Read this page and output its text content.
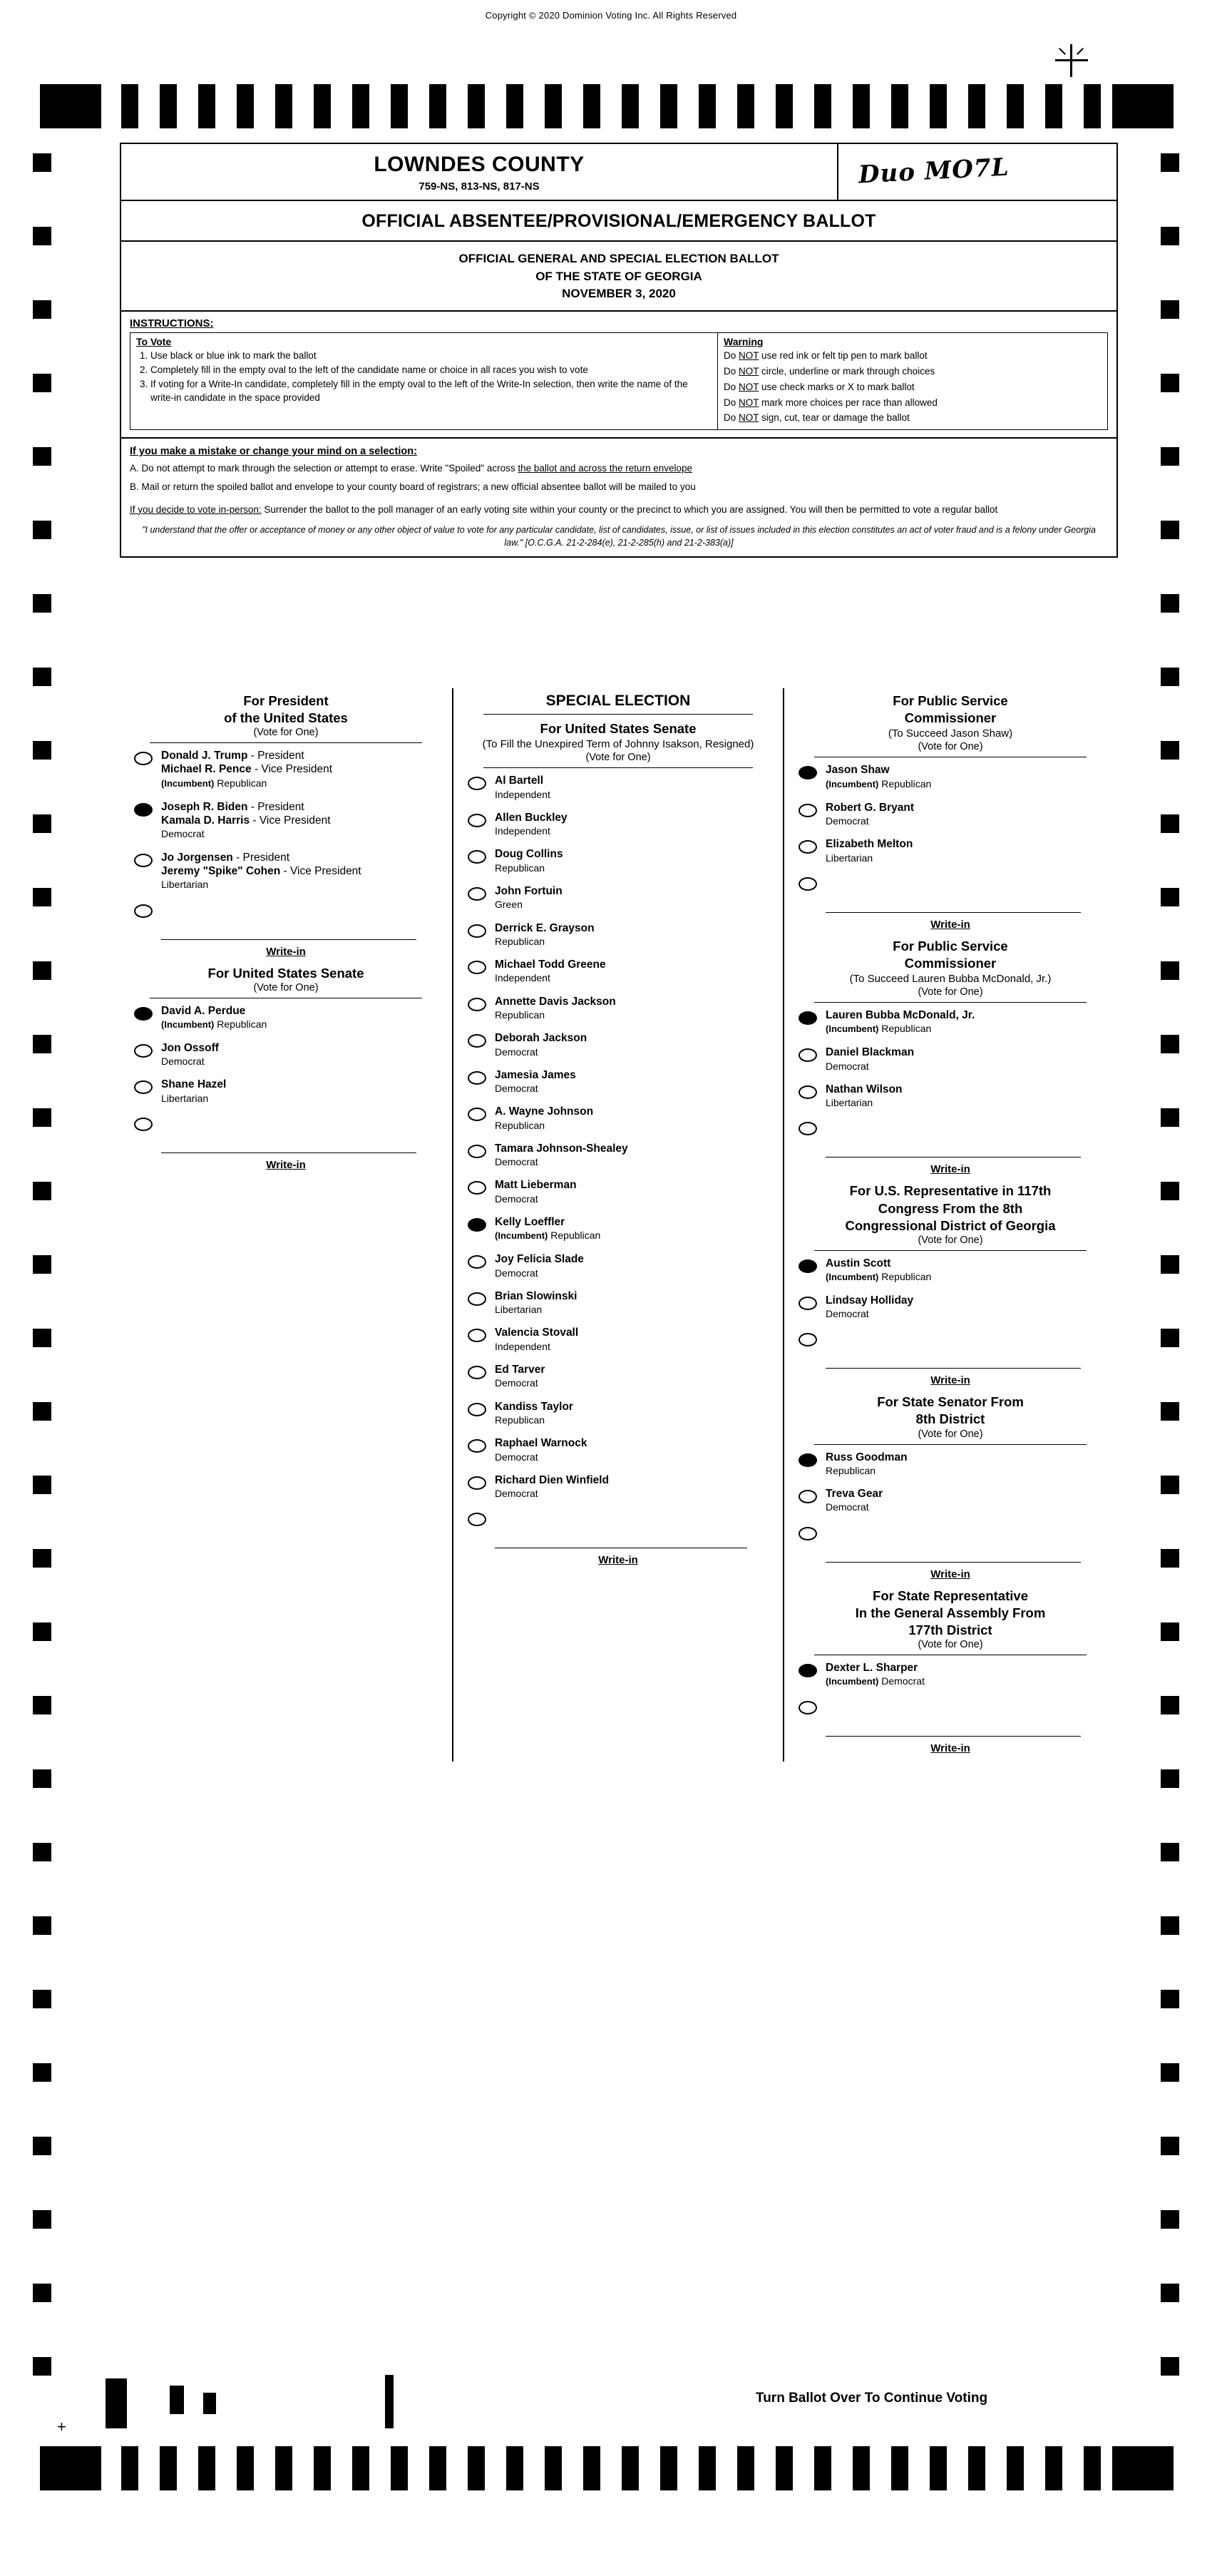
Copyright © 2020 Dominion Voting Inc. All Rights Reserved
LOWNDES COUNTY
759-NS, 813-NS, 817-NS	Duo MO7L
OFFICIAL ABSENTEE/PROVISIONAL/EMERGENCY BALLOT
OFFICIAL GENERAL AND SPECIAL ELECTION BALLOT
OF THE STATE OF GEORGIA
NOVEMBER 3, 2020
INSTRUCTIONS:
To Vote
1. Use black or blue ink to mark the ballot
2. Completely fill in the empty oval to the left of the candidate name or choice in all races you wish to vote
3. If voting for a Write-In candidate, completely fill in the empty oval to the left of the Write-In selection, then write the name of the write-in candidate in the space provided
Warning

Do NOT use red ink or felt tip pen to mark ballot

Do NOT circle, underline or mark through choices

Do NOT use check marks or X to mark ballot

Do NOT mark more choices per race than allowed

Do NOT sign, cut, tear or damage the ballot

If you make a mistake or change your mind on a selection:

A. Do not attempt to mark through the selection or attempt to erase. Write "Spoiled" across the ballot and across the return envelope

B. Mail or return the spoiled ballot and envelope to your county board of registrars; a new official absentee ballot will be mailed to you

If you decide to vote in-person: Surrender the ballot to the poll manager of an early voting site within your county or the precinct to which you are assigned. You will then be permitted to vote a regular ballot

"I understand that the offer or acceptance of money or any other object of value to vote for any particular candidate, list of candidates, issue, or list of issues included in this election constitutes an act of voter fraud and is a felony under Georgia law." [O.C.G.A. 21-2-284(e), 21-2-285(h) and 21-2-383(a)]
For President
of the United States
(Vote for One)
Donald J. Trump - President
Michael R. Pence - Vice President
(Incumbent) Republican
Joseph R. Biden - President
Kamala D. Harris - Vice President
Democrat
Jo Jorgensen - President
Jeremy "Spike" Cohen - Vice President
Libertarian
Write-in
For United States Senate
(Vote for One)
David A. Perdue
(Incumbent) Republican
Jon Ossoff
Democrat
Shane Hazel
Libertarian
Write-in
SPECIAL ELECTION
For United States Senate
(To Fill the Unexpired Term of Johnny Isakson, Resigned)
(Vote for One)
Al Bartell
Independent
Allen Buckley
Independent
Doug Collins
Republican
John Fortuin
Green
Derrick E. Grayson
Republican
Michael Todd Greene
Independent
Annette Davis Jackson
Republican
Deborah Jackson
Democrat
Jamesia James
Democrat
A. Wayne Johnson
Republican
Tamara Johnson-Shealey
Democrat
Matt Lieberman
Democrat
Kelly Loeffler
(Incumbent) Republican
Joy Felicia Slade
Democrat
Brian Slowinski
Libertarian
Valencia Stovall
Independent
Ed Tarver
Democrat
Kandiss Taylor
Republican
Raphael Warnock
Democrat
Richard Dien Winfield
Democrat
Write-in
For Public Service
Commissioner
(To Succeed Jason Shaw)
(Vote for One)
Jason Shaw
(Incumbent) Republican
Robert G. Bryant
Democrat
Elizabeth Melton
Libertarian
Write-in
For Public Service
Commissioner
(To Succeed Lauren Bubba McDonald, Jr.)
(Vote for One)
Lauren Bubba McDonald, Jr.
(Incumbent) Republican
Daniel Blackman
Democrat
Nathan Wilson
Libertarian
Write-in
For U.S. Representative in 117th
Congress From the 8th
Congressional District of Georgia
(Vote for One)
Austin Scott
(Incumbent) Republican
Lindsay Holliday
Democrat
Write-in
For State Senator From
8th District
(Vote for One)
Russ Goodman
Republican
Treva Gear
Democrat
Write-in
For State Representative
In the General Assembly From
177th District
(Vote for One)
Dexter L. Sharper
(Incumbent) Democrat
Write-in
Turn Ballot Over To Continue Voting
+
